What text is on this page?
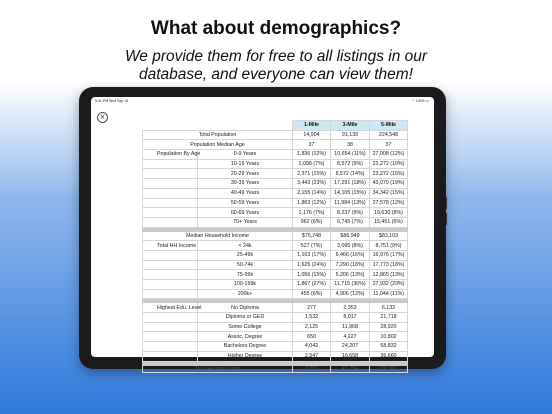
What about demographics?
We provide them for free to all listings in our
database, and everyone can view them!
9:41 PM Wed Sep 15	◠ 100% ▭
×
		1-Mile	3-Mile	5-Mile
Total Population		14,904	91,139	224,548
Population Median Age		37	38	37
Population By Age	0-9 Years	1,836 (12%)	10,654 (11%)	27,008 (12%)
	10-19 Years	1,098 (7%)	8,572 (9%)	23,272 (10%)
	20-29 Years	2,371 (15%)	8,572 (14%)	23,272 (15%)
	30-39 Years	3,443 (23%)	17,291 (18%)	43,070 (19%)
	40-49 Years	2,155 (14%)	14,105 (15%)	34,342 (15%)
	50-59 Years	1,863 (12%)	11,984 (13%)	27,578 (12%)
	60-69 Years	1,176 (7%)	8,237 (9%)	19,630 (8%)
	70+ Years	962 (6%)	6,745 (7%)	15,451 (6%)

Median Household Income		$75,748	$86,949	$83,103
Total HH Income	< 24k	527 (7%)	3,095 (8%)	8,751 (9%)
	25-49k	1,163 (17%)	6,466 (16%)	16,976 (17%)
	50-74k	1,625 (24%)	7,290 (18%)	17,773 (18%)
	75-99k	1,056 (15%)	5,206 (13%)	12,865 (13%)
	100-199k	1,867 (27%)	11,715 (30%)	27,932 (29%)
	200k+	455 (6%)	4,906 (12%)	11,044 (11%)

Highest Edu. Level	No Diploma	277	2,353	6,133
	Diploma or GED	1,532	8,017	21,718
	Some College	2,125	11,968	28,920
	Assoc. Degree	650	4,227	10,802
	Bachelors Degree	4,042	24,207	58,832
	Higher Degree	2,547	16,658	36,660

Total Housing Units		7,007	41,704	100,961
